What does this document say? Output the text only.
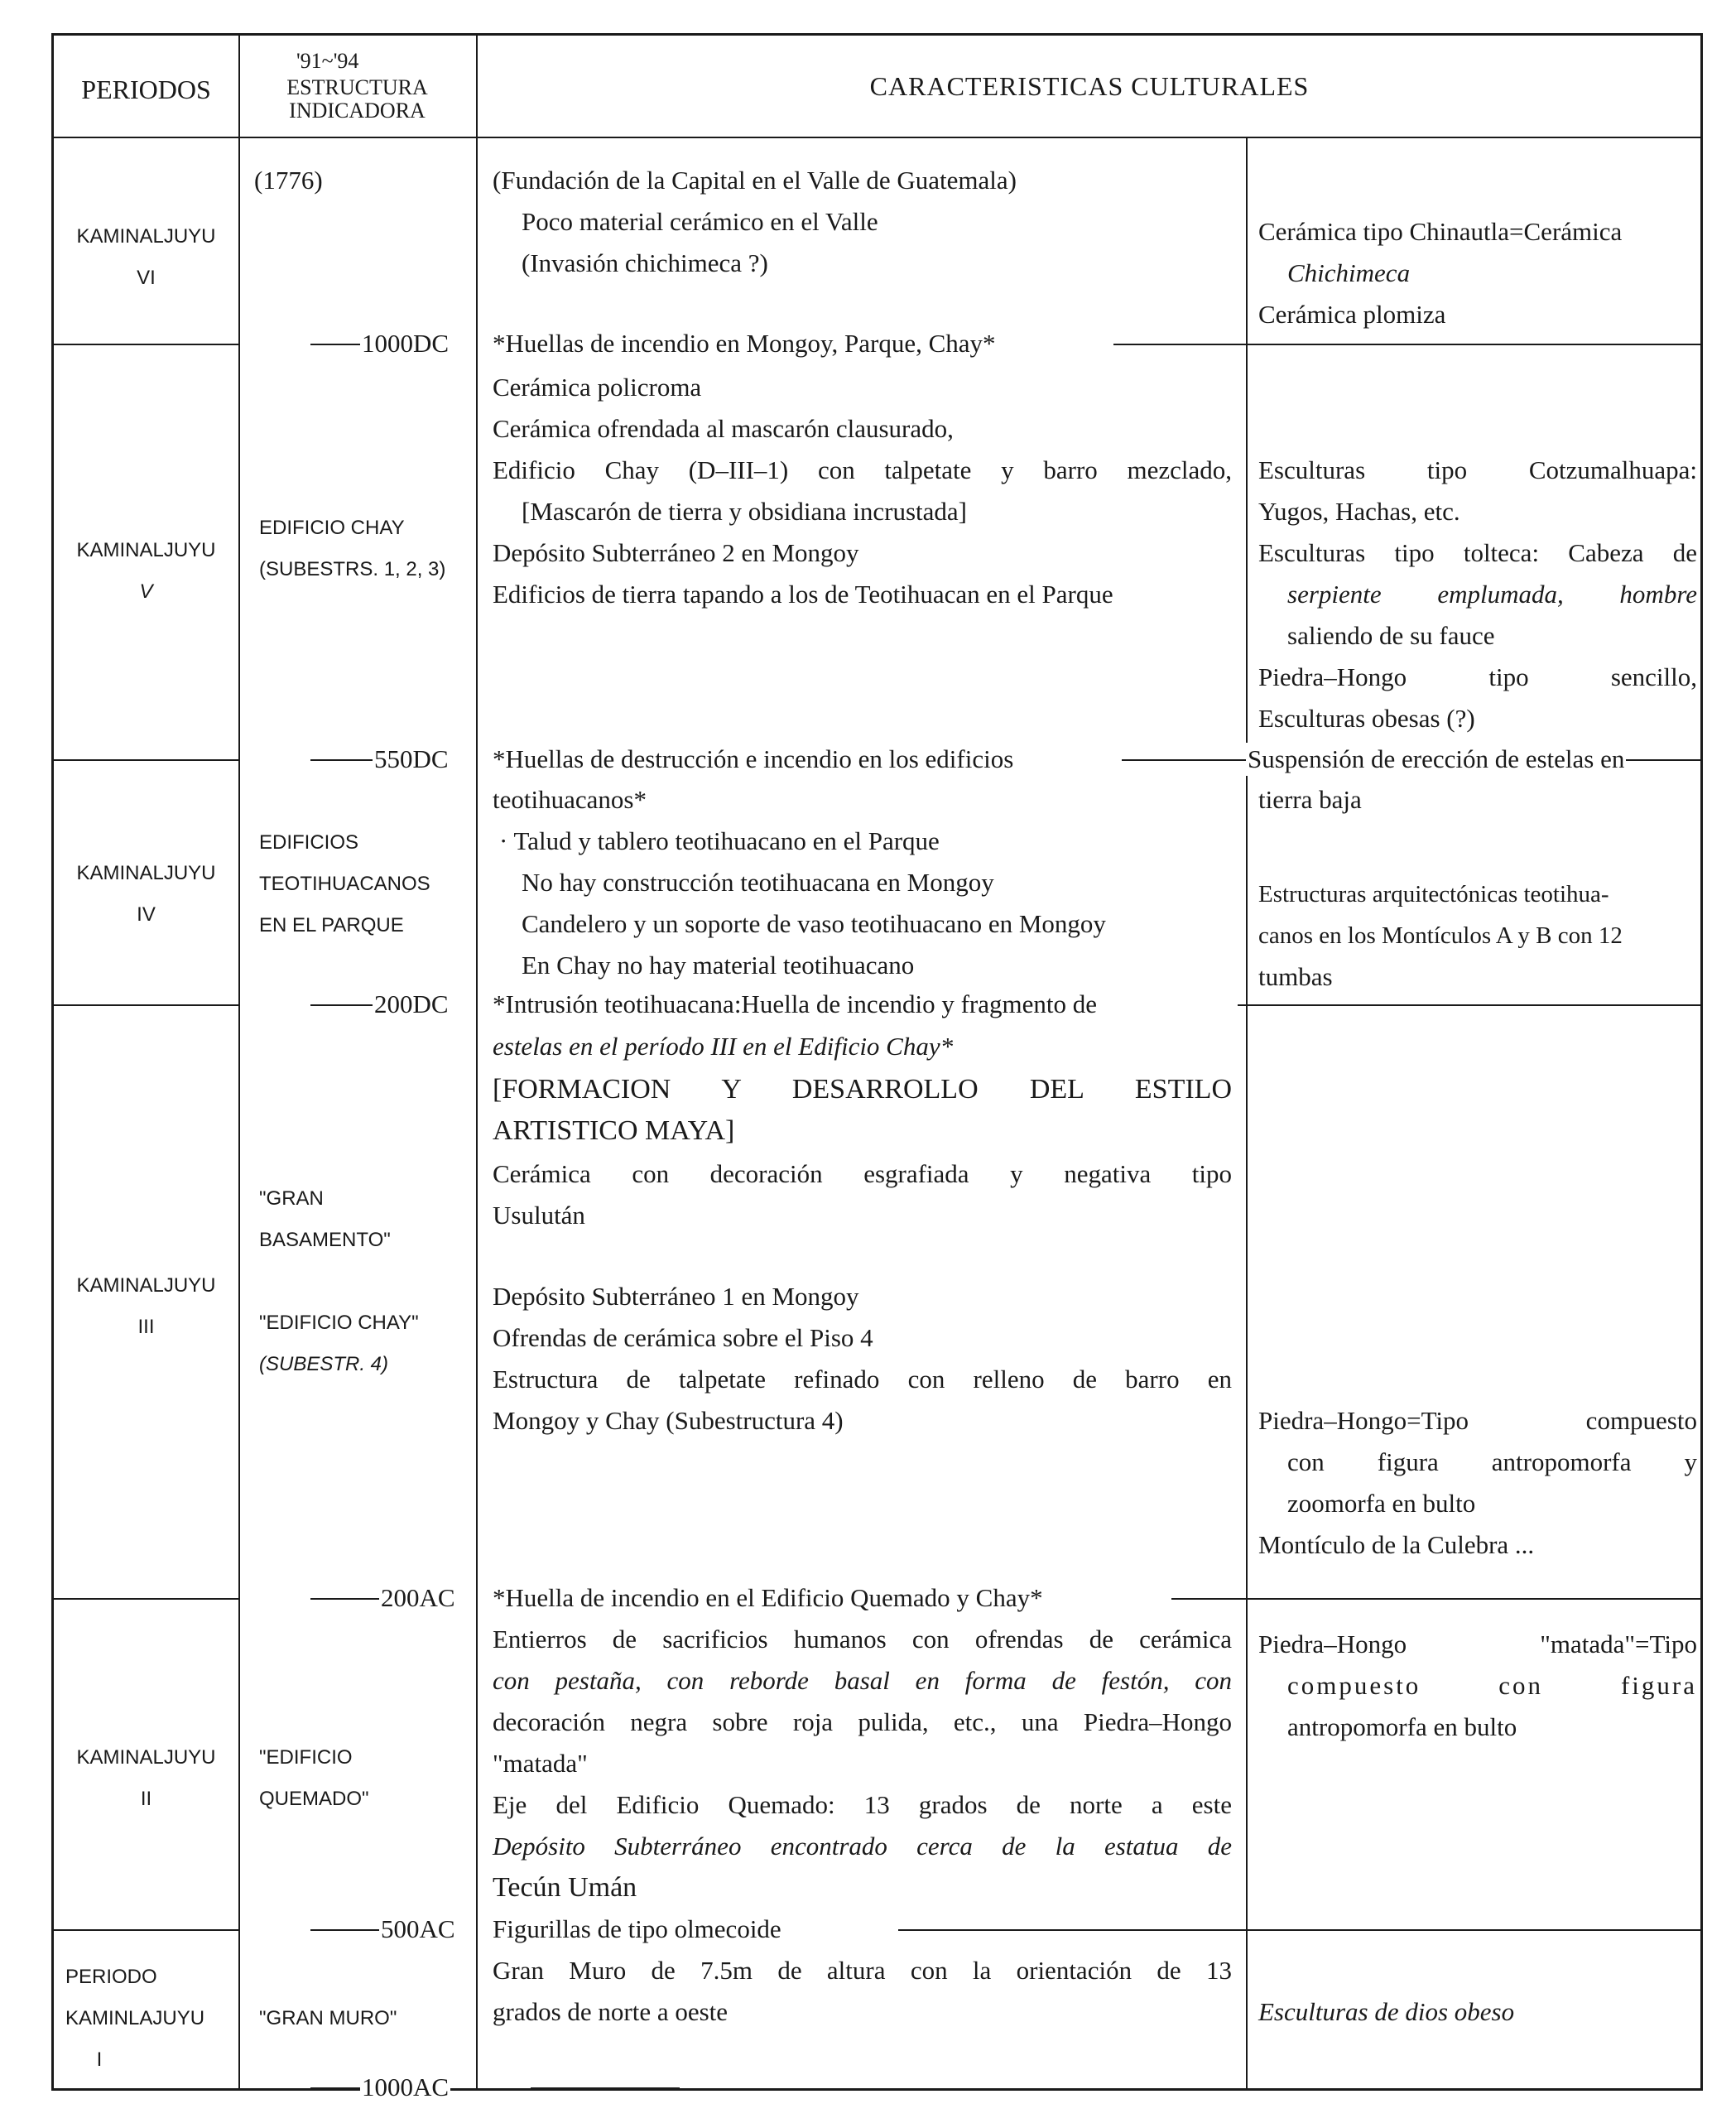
PERIODOS
'91~'94
ESTRUCTURA
INDICADORA
CARACTERISTICAS CULTURALES
1000DC
550DC
200DC
200AC
500AC
1000AC
KAMINALJUYU
VI
KAMINALJUYU
V
KAMINALJUYU
IV
KAMINALJUYU
III
KAMINALJUYU
II
PERIODO
KAMINLAJUYU
I
(1776)
EDIFICIO CHAY
(SUBESTRS. 1, 2, 3)
EDIFICIOS
TEOTIHUACANOS
EN EL PARQUE
"GRAN
BASAMENTO"
"EDIFICIO CHAY"
(SUBESTR. 4)
"EDIFICIO
QUEMADO"
"GRAN MURO"
(Fundación de la Capital en el Valle de Guatemala)
Poco material cerámico en el Valle
(Invasión chichimeca ?)
*Huellas de incendio en Mongoy, Parque, Chay*
Cerámica policroma
Cerámica ofrendada al mascarón clausurado,
Edificio Chay (D–III–1) con talpetate y barro mezclado,
[Mascarón de tierra y obsidiana incrustada]
Depósito Subterráneo 2 en Mongoy
Edificios de tierra tapando a los de Teotihuacan en el Parque
*Huellas de destrucción e incendio en los edificios
teotihuacanos*
· Talud y tablero teotihuacano en el Parque
No hay construcción teotihuacana en Mongoy
Candelero y un soporte de vaso teotihuacano en Mongoy
En Chay no hay material teotihuacano
*Intrusión teotihuacana:Huella de incendio y fragmento de
estelas en el período III en el Edificio Chay*
[FORMACION Y DESARROLLO DEL ESTILO
ARTISTICO MAYA]
Cerámica con decoración esgrafiada y negativa tipo
Usulután
Depósito Subterráneo 1 en Mongoy
Ofrendas de cerámica sobre el Piso 4
Estructura de talpetate refinado con relleno de barro en
Mongoy y Chay (Subestructura 4)
*Huella de incendio en el Edificio Quemado y Chay*
Entierros de sacrificios humanos con ofrendas de cerámica
con pestaña, con reborde basal en forma de festón, con
decoración negra sobre roja pulida, etc., una Piedra–Hongo
"matada"
Eje del Edificio Quemado: 13 grados de norte a este
Depósito Subterráneo encontrado cerca de la estatua de
Tecún Umán
Figurillas de tipo olmecoide
Gran Muro de 7.5m de altura con la orientación de 13
grados de norte a oeste
Cerámica tipo Chinautla=Cerámica
Chichimeca
Cerámica plomiza
Esculturas tipo Cotzumalhuapa:
Yugos, Hachas, etc.
Esculturas tipo tolteca: Cabeza de
serpiente emplumada, hombre
saliendo de su fauce
Piedra–Hongo tipo sencillo,
Esculturas obesas (?)
Suspensión de erección de estelas en
tierra baja
Estructuras arquitectónicas teotihua-
canos en los Montículos A y B con 12
tumbas
Piedra–Hongo=Tipo compuesto
con figura antropomorfa y
zoomorfa en bulto
Montículo de la Culebra ...
Piedra–Hongo "matada"=Tipo
compuesto con figura
antropomorfa en bulto
Esculturas de dios obeso
